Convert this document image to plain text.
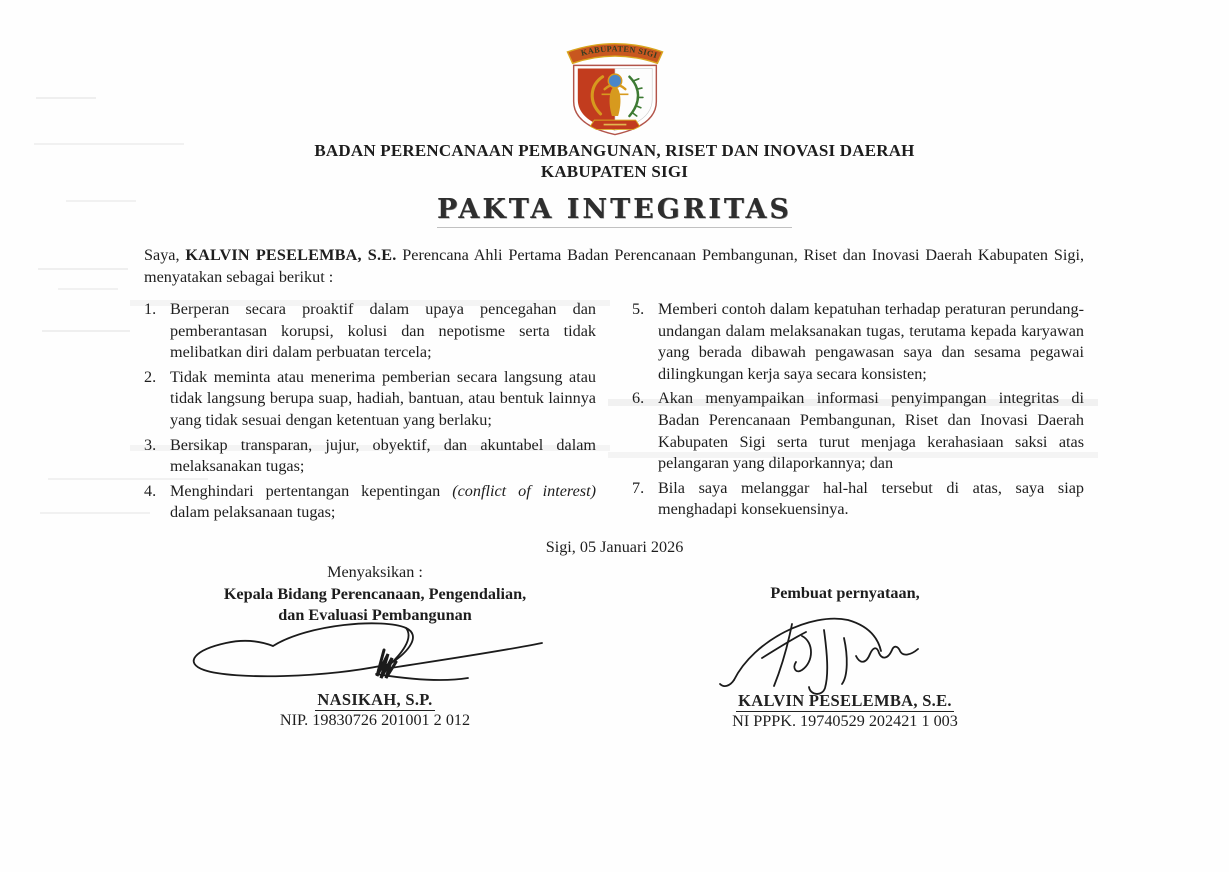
KABUPATEN SIGI
BADAN PERENCANAAN PEMBANGUNAN, RISET DAN INOVASI DAERAH
KABUPATEN SIGI
PAKTA INTEGRITAS

Saya, KALVIN PESELEMBA, S.E. Perencana Ahli Pertama Badan Perencanaan Pembangunan, Riset dan Inovasi Daerah Kabupaten Sigi, menyatakan sebagai berikut :

1. Berperan secara proaktif dalam upaya pencegahan dan pemberantasan korupsi, kolusi dan nepotisme serta tidak melibatkan diri dalam perbuatan tercela;
2. Tidak meminta atau menerima pemberian secara langsung atau tidak langsung berupa suap, hadiah, bantuan, atau bentuk lainnya yang tidak sesuai dengan ketentuan yang berlaku;
3. Bersikap transparan, jujur, obyektif, dan akuntabel dalam melaksanakan tugas;
4. Menghindari pertentangan kepentingan (conflict of interest) dalam pelaksanaan tugas;
5. Memberi contoh dalam kepatuhan terhadap peraturan perundang-undangan dalam melaksanakan tugas, terutama kepada karyawan yang berada dibawah pengawasan saya dan sesama pegawai dilingkungan kerja saya secara konsisten;
6. Akan menyampaikan informasi penyimpangan integritas di Badan Perencanaan Pembangunan, Riset dan Inovasi Daerah Kabupaten Sigi serta turut menjaga kerahasiaan saksi atas pelangaran yang dilaporkannya; dan
7. Bila saya melanggar hal-hal tersebut di atas, saya siap menghadapi konsekuensinya.
Sigi, 05 Januari 2026
Menyaksikan :
Kepala Bidang Perencanaan, Pengendalian,
dan Evaluasi Pembangunan
Pembuat pernyataan,
NASIKAH, S.P.
NIP. 19830726 201001 2 012
KALVIN PESELEMBA, S.E.
NI PPPK. 19740529 202421 1 003
